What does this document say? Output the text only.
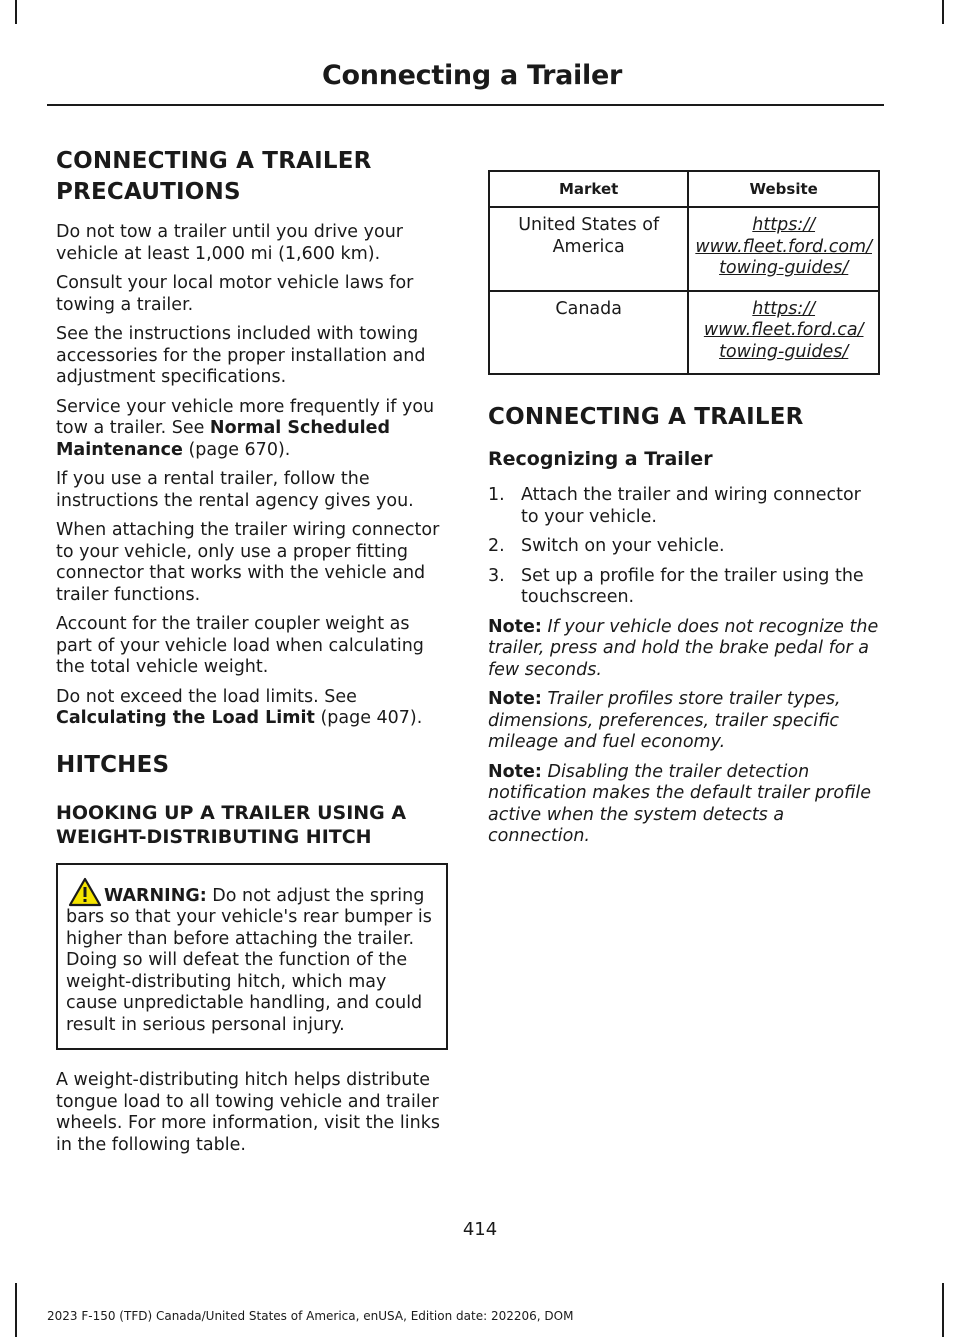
Connecting a Trailer
CONNECTING A TRAILER
PRECAUTIONS

Do not tow a trailer until you drive your vehicle at least 1,000 mi (1,600 km).

Consult your local motor vehicle laws for towing a trailer.

See the instructions included with towing accessories for the proper installation and adjustment specifications.

Service your vehicle more frequently if you tow a trailer. See Normal Scheduled Maintenance (page 670).

If you use a rental trailer, follow the instructions the rental agency gives you.

When attaching the trailer wiring connector to your vehicle, only use a proper fitting connector that works with the vehicle and trailer functions.

Account for the trailer coupler weight as part of your vehicle load when calculating the total vehicle weight.

Do not exceed the load limits. See Calculating the Load Limit (page 407).

HITCHES
HOOKING UP A TRAILER USING A WEIGHT-DISTRIBUTING HITCH
WARNING: Do not adjust the spring bars so that your vehicle's rear bumper is higher than before attaching the trailer. Doing so will defeat the function of the weight-distributing hitch, which may cause unpredictable handling, and could result in serious personal injury.

A weight-distributing hitch helps distribute tongue load to all towing vehicle and trailer wheels. For more information, visit the links in the following table.

Market	Website
United States of America	https://
www.fleet.ford.com/
towing-guides/
Canada	https://
www.fleet.ford.ca/
towing-guides/
CONNECTING A TRAILER
Recognizing a Trailer
1. Attach the trailer and wiring connector to your vehicle.
2. Switch on your vehicle.
3. Set up a profile for the trailer using the touchscreen.
Note: If your vehicle does not recognize the trailer, press and hold the brake pedal for a few seconds.
Note: Trailer profiles store trailer types, dimensions, preferences, trailer specific mileage and fuel economy.
Note: Disabling the trailer detection notification makes the default trailer profile active when the system detects a connection.
414
2023 F-150 (TFD) Canada/United States of America, enUSA, Edition date: 202206, DOM
